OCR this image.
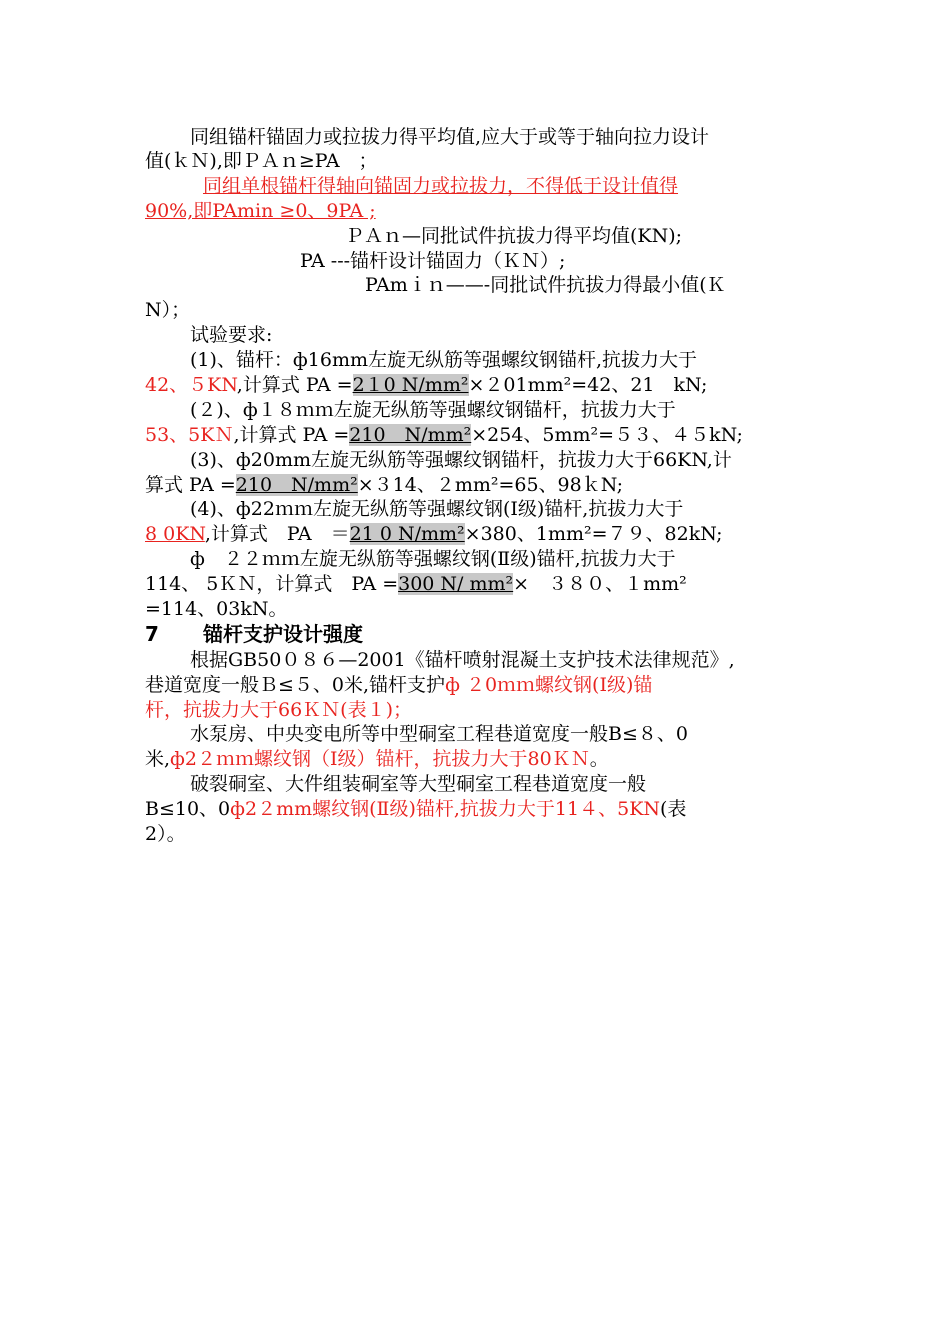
同组锚杆锚固力或拉拔力得平均值,应大于或等于轴向拉力设计
值(ｋＮ),即ＰＡｎ≥PA　；
同组单根锚杆得轴向锚固力或拉拔力，不得低于设计值得
90%,即PAmin ≥0、9PA ;
ＰＡｎ—同批试件抗拔力得平均值(KN);
PA ---锚杆设计锚固力（ＫＮ）;
PAmｉｎ——-同批试件抗拔力得最小值(Ｋ
N）；
试验要求:
(1)、锚杆：ф16mm左旋无纵筋等强螺纹钢锚杆,抗拔力大于
42、５KN,计算式 PA =2１0 N/mm²×２01mm²=42、21　kN;
(２)、ф１８ｍｍ左旋无纵筋等强螺纹钢锚杆，抗拔力大于
53、5KＮ,计算式 PA =210　N/mm²×254、5mm²=５３、４５kN;
(3)、ф20mm左旋无纵筋等强螺纹钢锚杆，抗拔力大于66KN,计
算式 PA =210　N/mm²×３14、２mm²=65、98ｋN;
(4)、ф22ｍｍ左旋无纵筋等强螺纹钢(Ⅰ级)锚杆,抗拔力大于
8 0KN,计算式　PA　＝21 0 N/mm²×380、1mm²=７９、82kN;
ф　２２ｍｍ左旋无纵筋等强螺纹钢(Ⅱ级)锚杆,抗拔力大于
114、 5ＫＮ，计算式　PA =300 N/ mm²×　３８０、１mm²
=114、03kN。
7 锚杆支护设计强度
根据GB50０８６—2001《锚杆喷射混凝土支护技术法律规范》,
巷道宽度一般Ｂ≤５、0米,锚杆支护ф ２0ｍｍ螺纹钢(Ⅰ级)锚
杆，抗拔力大于66ＫＮ(表１)；
水泵房、中央变电所等中型硐室工程巷道宽度一般B≤８、0
米,ф2２ｍｍ螺纹钢（Ⅰ级）锚杆，抗拔力大于80ＫＮ。
破裂硐室、大件组装硐室等大型硐室工程巷道宽度一般
B≤10、0ф2２mm螺纹钢(Ⅱ级)锚杆,抗拔力大于11４、5KN(表
2）。
